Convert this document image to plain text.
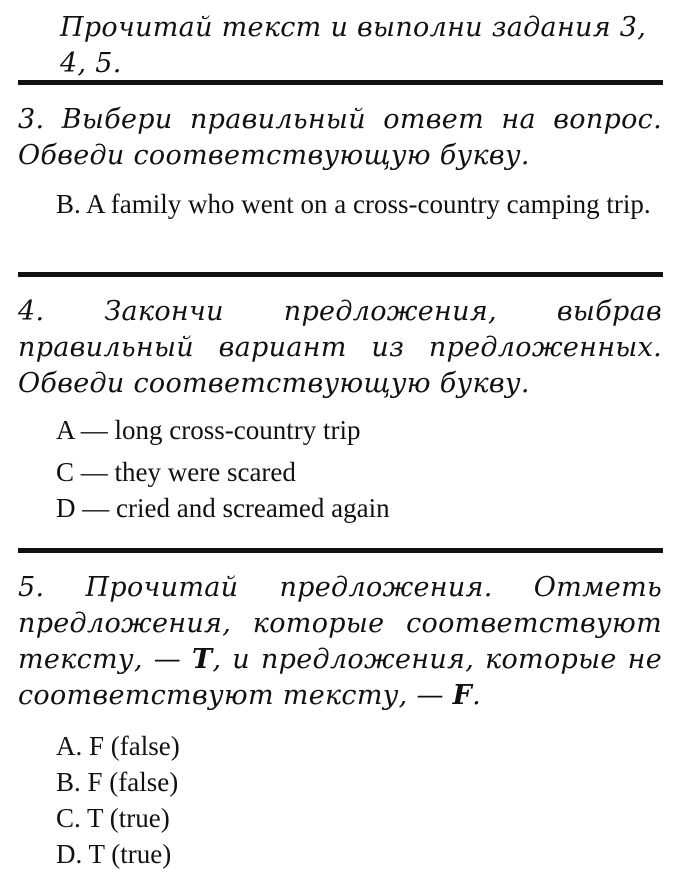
Прочитай текст и выполни задания 3, 4, 5.
3. Выбери правильный ответ на вопрос. Обведи соответствующую букву.
B. A family who went on a cross-country camping trip.
4. Закончи предложения, выбрав правильный вариант из предложенных. Обведи соответствующую букву.
A — long cross-country trip
C — they were scared
D — cried and screamed again
5. Прочитай предложения. Отметь предложения, которые соответствуют тексту, — T, и предложения, которые не соответствуют тексту, — F.
A. F (false)
B. F (false)
C. T (true)
D. T (true)
